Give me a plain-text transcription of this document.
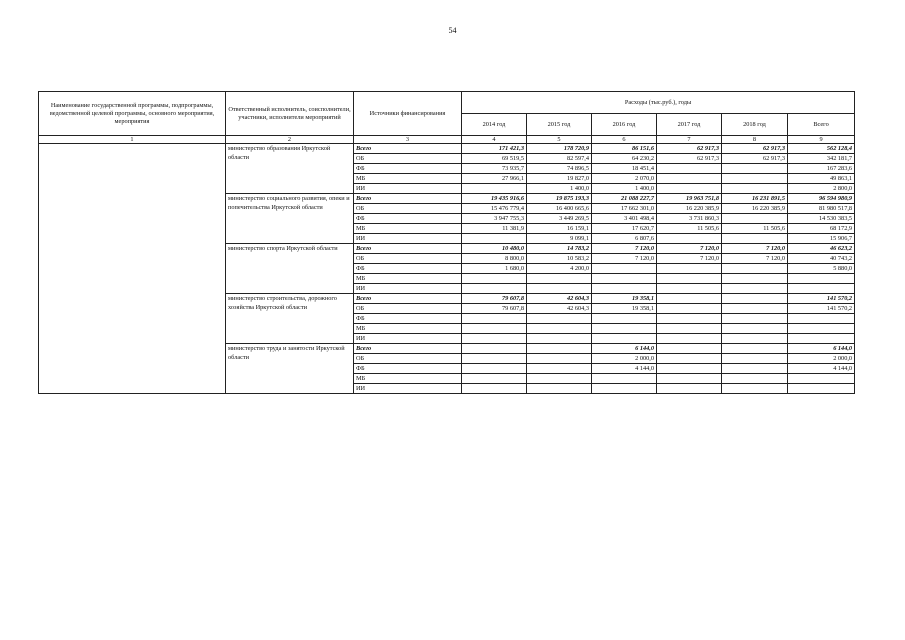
54
Наименование государственной программы, подпрограммы, ведомственной целевой программы, основного мероприятия, мероприятия	Ответственный исполнитель, соисполнители, участники, исполнители мероприятий	Источники финансирования	Расходы (тыс.руб.), годы					
			2014 год	2015 год	2016 год	2017 год	2018 год	Всего
1	2	3	4	5	6	7	8	9
	министерство образования Иркутской области	Всего	171 421,3	178 720,9	86 151,6	62 917,3	62 917,3	562 128,4
		ОБ	69 519,5	82 597,4	64 230,2	62 917,3	62 917,3	342 181,7
		ФБ	73 935,7	74 896,5	18 451,4			167 283,6
		МБ	27 966,1	19 827,0	2 070,0			49 863,1
		ИИ		1 400,0	1 400,0			2 800,0
	министерство социального развития, опеки и попечительства Иркутской области	Всего	19 435 916,6	19 875 193,3	21 088 227,7	19 963 751,8	16 231 891,5	96 594 980,9
		ОБ	15 476 779,4	16 400 665,6	17 662 301,0	16 220 385,9	16 220 385,9	81 980 517,8
		ФБ	3 947 755,3	3 449 269,5	3 401 498,4	3 731 860,3		14 530 383,5
		МБ	11 381,9	16 159,1	17 620,7	11 505,6	11 505,6	68 172,9
		ИИ		9 099,1	6 807,6			15 906,7
	министерство спорта Иркутской области	Всего	10 480,0	14 783,2	7 120,0	7 120,0	7 120,0	46 623,2
		ОБ	8 800,0	10 583,2	7 120,0	7 120,0	7 120,0	40 743,2
		ФБ	1 680,0	4 200,0				5 880,0
		МБ						
		ИИ						
	министерство строительства, дорожного хозяйства Иркутской области	Всего	79 607,8	42 604,3	19 358,1			141 570,2
		ОБ	79 607,8	42 604,3	19 358,1			141 570,2
		ФБ						
		МБ						
		ИИ						
	министерство труда и занятости Иркутской области	Всего			6 144,0			6 144,0
		ОБ			2 000,0			2 000,0
		ФБ			4 144,0			4 144,0
		МБ						
		ИИ						
